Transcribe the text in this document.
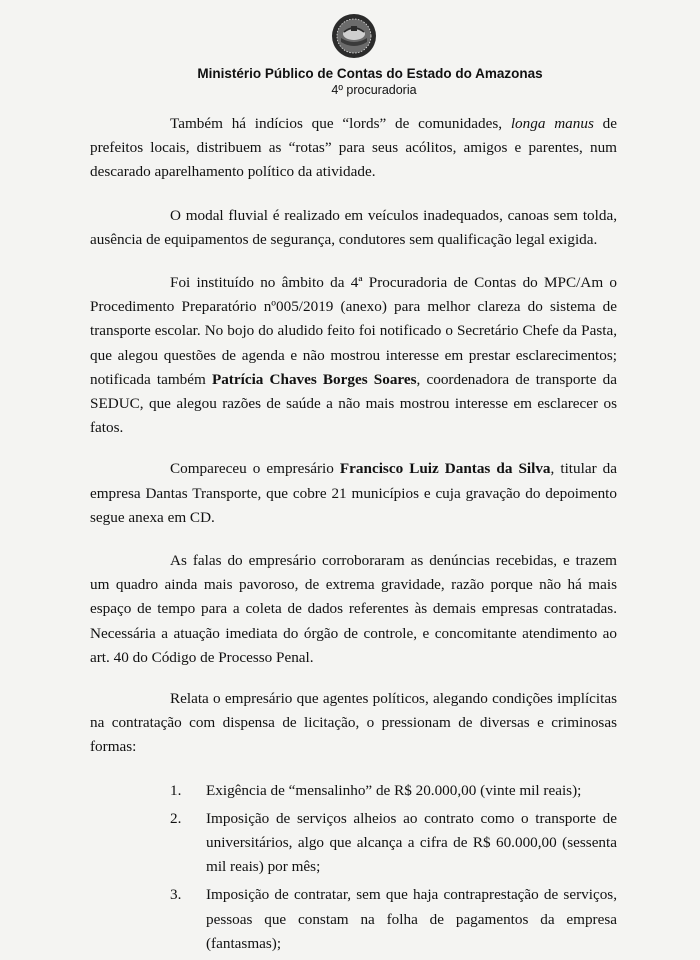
Ministério Público de Contas do Estado do Amazonas
4º procuradoria

Também há indícios que “lords” de comunidades, longa manus de prefeitos locais, distribuem as “rotas” para seus acólitos, amigos e parentes, num descarado aparelhamento político da atividade.

O modal fluvial é realizado em veículos inadequados, canoas sem tolda, ausência de equipamentos de segurança, condutores sem qualificação legal exigida.

Foi instituído no âmbito da 4ª Procuradoria de Contas do MPC/Am o Procedimento Preparatório nº005/2019 (anexo) para melhor clareza do sistema de transporte escolar. No bojo do aludido feito foi notificado o Secretário Chefe da Pasta, que alegou questões de agenda e não mostrou interesse em prestar esclarecimentos; notificada também Patrícia Chaves Borges Soares, coordenadora de transporte da SEDUC, que alegou razões de saúde a não mais mostrou interesse em esclarecer os fatos.

Compareceu o empresário Francisco Luiz Dantas da Silva, titular da empresa Dantas Transporte, que cobre 21 municípios e cuja gravação do depoimento segue anexa em CD.

As falas do empresário corroboraram as denúncias recebidas, e trazem um quadro ainda mais pavoroso, de extrema gravidade, razão porque não há mais espaço de tempo para a coleta de dados referentes às demais empresas contratadas. Necessária a atuação imediata do órgão de controle, e concomitante atendimento ao art. 40 do Código de Processo Penal.

Relata o empresário que agentes políticos, alegando condições implícitas na contratação com dispensa de licitação, o pressionam de diversas e criminosas formas:

1. Exigência de “mensalinho” de R$ 20.000,00 (vinte mil reais);
2. Imposição de serviços alheios ao contrato como o transporte de universitários, algo que alcança a cifra de R$ 60.000,00 (sessenta mil reais) por mês;
3. Imposição de contratar, sem que haja contraprestação de serviços, pessoas que constam na folha de pagamentos da empresa (fantasmas);
